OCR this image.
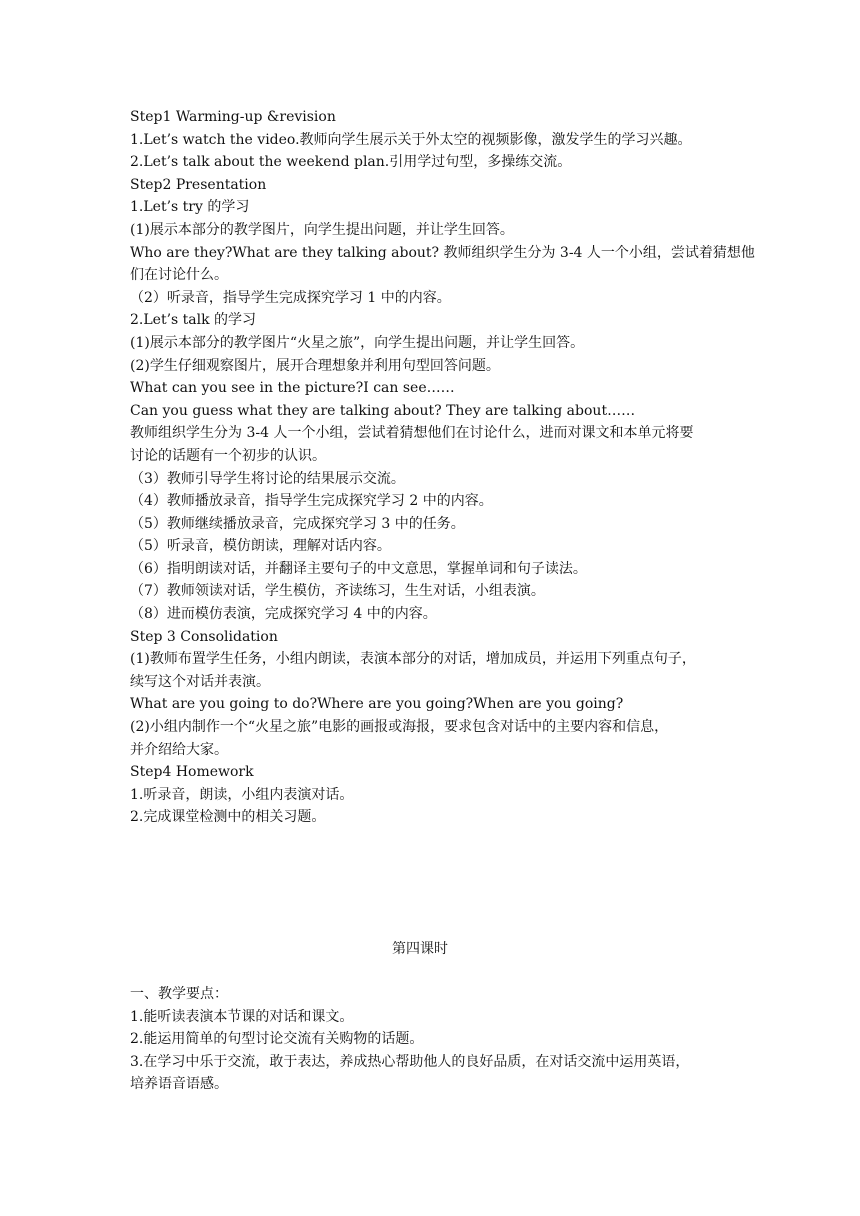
Step1 Warming-up &revision
1.Let’s watch the video.教师向学生展示关于外太空的视频影像，激发学生的学习兴趣。
2.Let’s talk about the weekend plan.引用学过句型，多操练交流。
Step2 Presentation
1.Let’s try 的学习
(1)展示本部分的教学图片，向学生提出问题，并让学生回答。
Who are they?What are they talking about? 教师组织学生分为 3-4 人一个小组，尝试着猜想他
们在讨论什么。
（2）听录音，指导学生完成探究学习 1 中的内容。
2.Let’s talk 的学习
(1)展示本部分的教学图片“火星之旅”，向学生提出问题，并让学生回答。
(2)学生仔细观察图片，展开合理想象并利用句型回答问题。
What can you see in the picture?I can see……
Can you guess what they are talking about? They are talking about……
教师组织学生分为 3-4 人一个小组，尝试着猜想他们在讨论什么，进而对课文和本单元将要
讨论的话题有一个初步的认识。
（3）教师引导学生将讨论的结果展示交流。
（4）教师播放录音，指导学生完成探究学习 2 中的内容。
（5）教师继续播放录音，完成探究学习 3 中的任务。
（5）听录音，模仿朗读，理解对话内容。
（6）指明朗读对话，并翻译主要句子的中文意思，掌握单词和句子读法。
（7）教师领读对话，学生模仿，齐读练习，生生对话，小组表演。
（8）进而模仿表演，完成探究学习 4 中的内容。
Step 3 Consolidation
(1)教师布置学生任务，小组内朗读，表演本部分的对话，增加成员，并运用下列重点句子，
续写这个对话并表演。
What are you going to do?Where are you going?When are you going?
(2)小组内制作一个“火星之旅”电影的画报或海报，要求包含对话中的主要内容和信息，
并介绍给大家。
Step4 Homework
1.听录音，朗读，小组内表演对话。
2.完成课堂检测中的相关习题。
第四课时
一、教学要点：
1.能听读表演本节课的对话和课文。
2.能运用简单的句型讨论交流有关购物的话题。
3.在学习中乐于交流，敢于表达，养成热心帮助他人的良好品质，在对话交流中运用英语，
培养语音语感。
